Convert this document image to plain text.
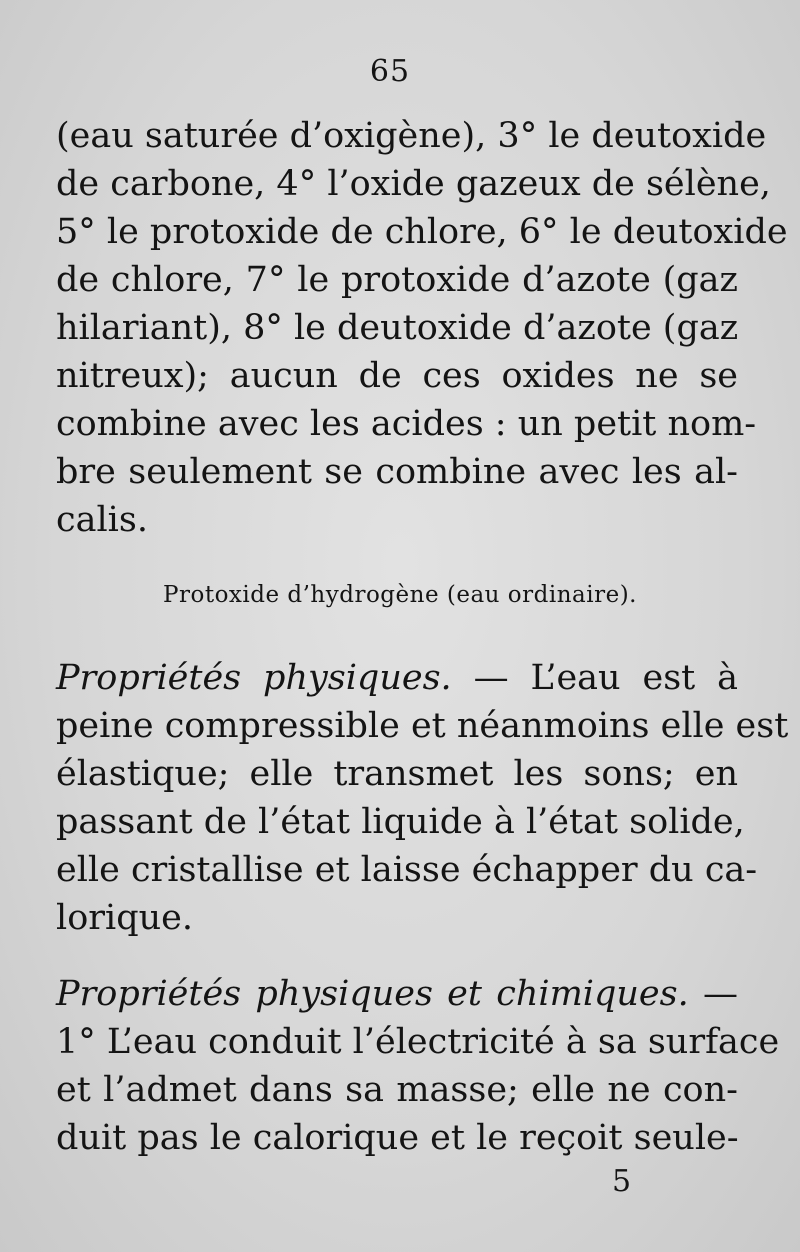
65
(eau saturée d’oxigène), 3° le deutoxide
de carbone, 4° l’oxide gazeux de sélène,
5° le protoxide de chlore, 6° le deutoxide
de chlore, 7° le protoxide d’azote (gaz
hilariant), 8° le deutoxide d’azote (gaz
nitreux); aucun de ces oxides ne se
combine avec les acides : un petit nom-
bre seulement se combine avec les al-
calis.
Protoxide d’hydrogène (eau ordinaire).
Propriétés physiques. — L’eau est à
peine compressible et néanmoins elle est
élastique; elle transmet les sons; en
passant de l’état liquide à l’état solide,
elle cristallise et laisse échapper du ca-
lorique.
Propriétés physiques et chimiques. —
1° L’eau conduit l’électricité à sa surface
et l’admet dans sa masse; elle ne con-
duit pas le calorique et le reçoit seule-
5
